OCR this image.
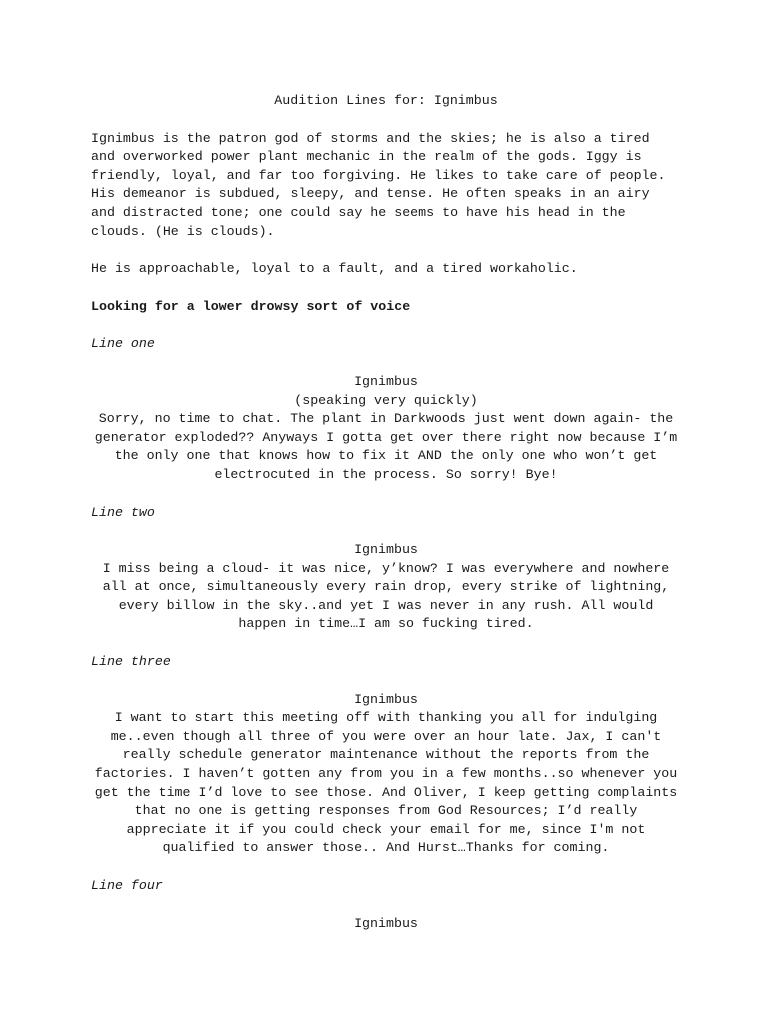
Audition Lines for: Ignimbus
Ignimbus is the patron god of storms and the skies; he is also a tired and overworked power plant mechanic in the realm of the gods. Iggy is friendly, loyal, and far too forgiving. He likes to take care of people. His demeanor is subdued, sleepy, and tense. He often speaks in an airy and distracted tone; one could say he seems to have his head in the clouds. (He is clouds).
He is approachable, loyal to a fault, and a tired workaholic.
Looking for a lower drowsy sort of voice
Line one
Ignimbus
(speaking very quickly)
Sorry, no time to chat. The plant in Darkwoods just went down again- the generator exploded?? Anyways I gotta get over there right now because I’m the only one that knows how to fix it AND the only one who won’t get electrocuted in the process. So sorry! Bye!
Line two
Ignimbus
I miss being a cloud- it was nice, y’know? I was everywhere and nowhere all at once, simultaneously every rain drop, every strike of lightning, every billow in the sky..and yet I was never in any rush. All would happen in time…I am so fucking tired.
Line three
Ignimbus
I want to start this meeting off with thanking you all for indulging me..even though all three of you were over an hour late. Jax, I can't really schedule generator maintenance without the reports from the factories. I haven’t gotten any from you in a few months..so whenever you get the time I’d love to see those. And Oliver, I keep getting complaints that no one is getting responses from God Resources; I’d really appreciate it if you could check your email for me, since I'm not qualified to answer those.. And Hurst…Thanks for coming.
Line four
Ignimbus
